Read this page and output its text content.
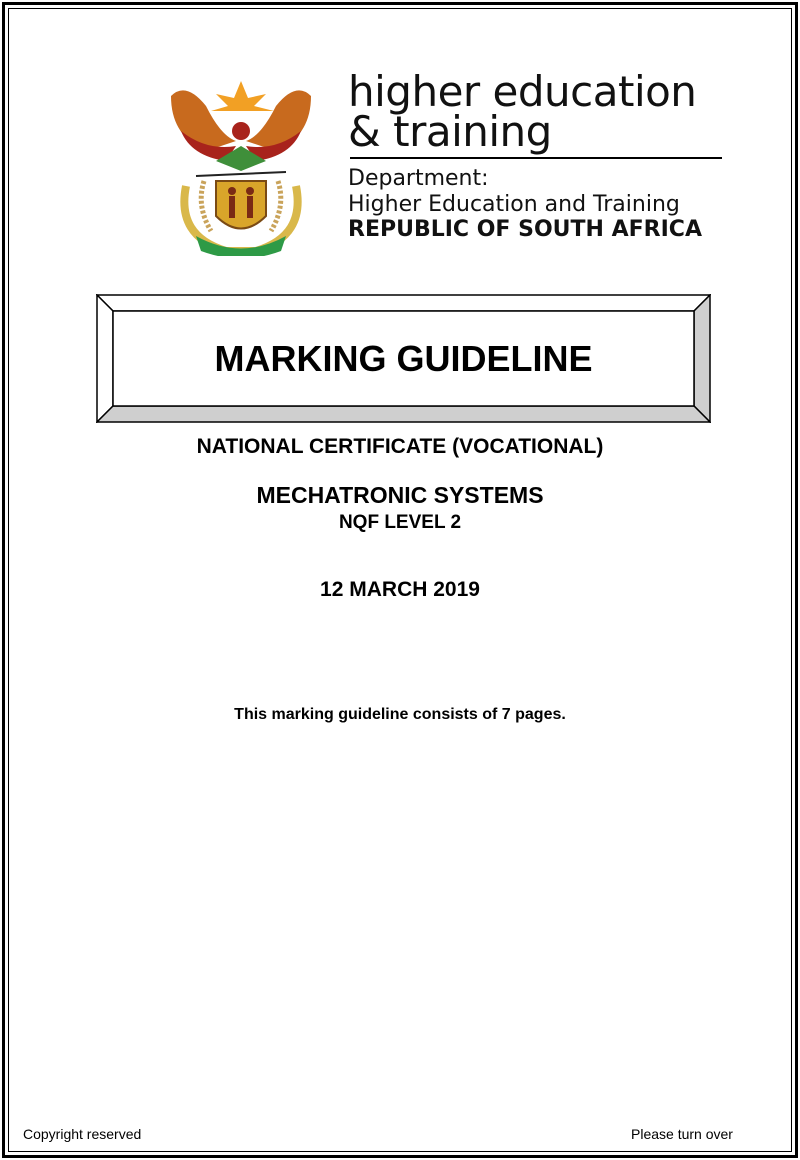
higher education
& training
Department:
Higher Education and Training
REPUBLIC OF SOUTH AFRICA
MARKING GUIDELINE
NATIONAL CERTIFICATE (VOCATIONAL)
MECHATRONIC SYSTEMS
NQF LEVEL 2
12 MARCH 2019
This marking guideline consists of 7 pages.
Copyright reserved	Please turn over
